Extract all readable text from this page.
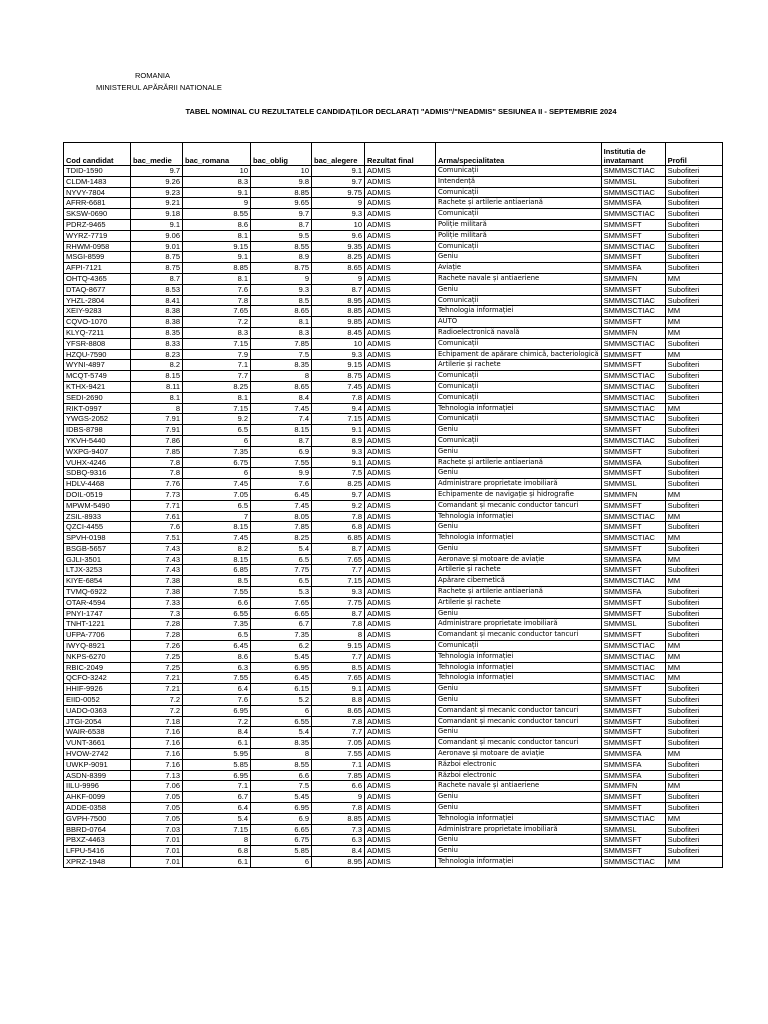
ROMANIA
MINISTERUL APĂRĂRII NATIONALE
TABEL NOMINAL CU REZULTATELE CANDIDAȚILOR DECLARAȚI "ADMIS"/"NEADMIS" SESIUNEA II - SEPTEMBRIE 2024
Cod candidat	bac_medie	bac_romana	bac_oblig	bac_alegere	Rezultat final	Arma/specialitatea	Institutia de invatamant	Profil
TDID-1590	9.7	10	10	9.1	ADMIS	Comunicații	SMMMSCTIAC	Subofiteri
CLDM-1483	9.26	8.3	9.8	9.7	ADMIS	Intendență	SMMMSL	Subofiteri
NYVY-7804	9.23	9.1	8.85	9.75	ADMIS	Comunicații	SMMMSCTIAC	Subofiteri
AFRR-6681	9.21	9	9.65	9	ADMIS	Rachete și artilerie antiaeriană	SMMMSFA	Subofiteri
SKSW-0690	9.18	8.55	9.7	9.3	ADMIS	Comunicații	SMMMSCTIAC	Subofiteri
PDRZ-9465	9.1	8.6	8.7	10	ADMIS	Poliție militară	SMMMSFT	Subofiteri
WYRZ-7719	9.06	8.1	9.5	9.6	ADMIS	Poliție militară	SMMMSFT	Subofiteri
RHWM-0958	9.01	9.15	8.55	9.35	ADMIS	Comunicații	SMMMSCTIAC	Subofiteri
MSGI-8599	8.75	9.1	8.9	8.25	ADMIS	Geniu	SMMMSFT	Subofiteri
AFPI-7121	8.75	8.85	8.75	8.65	ADMIS	Aviație	SMMMSFA	Subofiteri
OHTQ-4365	8.7	8.1	9	9	ADMIS	Rachete navale și antiaeriene	SMMMFN	MM
DTAQ-8677	8.53	7.6	9.3	8.7	ADMIS	Geniu	SMMMSFT	Subofiteri
YHZL-2804	8.41	7.8	8.5	8.95	ADMIS	Comunicații	SMMMSCTIAC	Subofiteri
XEIY-9283	8.38	7.65	8.65	8.85	ADMIS	Tehnologia informației	SMMMSCTIAC	MM
CQVO-1070	8.38	7.2	8.1	9.85	ADMIS	AUTO	SMMMSFT	MM
KLYQ-7211	8.35	8.3	8.3	8.45	ADMIS	Radioelectronică navală	SMMMFN	MM
YFSR-8808	8.33	7.15	7.85	10	ADMIS	Comunicații	SMMMSCTIAC	Subofiteri
HZQU-7590	8.23	7.9	7.5	9.3	ADMIS	Echipament de apărare chimică, bacteriologică	SMMMSFT	MM
WYNI-4897	8.2	7.1	8.35	9.15	ADMIS	Artilerie și rachete	SMMMSFT	Subofiteri
MCQT-5749	8.15	7.7	8	8.75	ADMIS	Comunicații	SMMMSCTIAC	Subofiteri
KTHX-9421	8.11	8.25	8.65	7.45	ADMIS	Comunicații	SMMMSCTIAC	Subofiteri
SEDI-2690	8.1	8.1	8.4	7.8	ADMIS	Comunicații	SMMMSCTIAC	Subofiteri
RIKT-0997	8	7.15	7.45	9.4	ADMIS	Tehnologia informației	SMMMSCTIAC	MM
YWGS-2052	7.91	9.2	7.4	7.15	ADMIS	Comunicații	SMMMSCTIAC	Subofiteri
IDBS-8798	7.91	6.5	8.15	9.1	ADMIS	Geniu	SMMMSFT	Subofiteri
YKVH-5440	7.86	6	8.7	8.9	ADMIS	Comunicații	SMMMSCTIAC	Subofiteri
WXPG-9407	7.85	7.35	6.9	9.3	ADMIS	Geniu	SMMMSFT	Subofiteri
VUHX-4246	7.8	6.75	7.55	9.1	ADMIS	Rachete și artilerie antiaeriană	SMMMSFA	Subofiteri
SDBQ-9316	7.8	6	9.9	7.5	ADMIS	Geniu	SMMMSFT	Subofiteri
HDLV-4468	7.76	7.45	7.6	8.25	ADMIS	Administrare proprietate imobiliară	SMMMSL	Subofiteri
DOIL-0519	7.73	7.05	6.45	9.7	ADMIS	Echipamente de navigație și hidrografie	SMMMFN	MM
MPWM-5490	7.71	6.5	7.45	9.2	ADMIS	Comandant și mecanic conductor tancuri	SMMMSFT	Subofiteri
ZSIL-8933	7.61	7	8.05	7.8	ADMIS	Tehnologia informației	SMMMSCTIAC	MM
QZCI-4455	7.6	8.15	7.85	6.8	ADMIS	Geniu	SMMMSFT	Subofiteri
SPVH-0198	7.51	7.45	8.25	6.85	ADMIS	Tehnologia informației	SMMMSCTIAC	MM
BSGB-5657	7.43	8.2	5.4	8.7	ADMIS	Geniu	SMMMSFT	Subofiteri
GJLI-3501	7.43	8.15	6.5	7.65	ADMIS	Aeronave și motoare de aviație	SMMMSFA	MM
LTJX-3253	7.43	6.85	7.75	7.7	ADMIS	Artilerie și rachete	SMMMSFT	Subofiteri
KIYE-6854	7.38	8.5	6.5	7.15	ADMIS	Apărare cibernetică	SMMMSCTIAC	MM
TVMQ-6922	7.38	7.55	5.3	9.3	ADMIS	Rachete și artilerie antiaeriană	SMMMSFA	Subofiteri
OTAR-4594	7.33	6.6	7.65	7.75	ADMIS	Artilerie și rachete	SMMMSFT	Subofiteri
PNYI-1747	7.3	6.55	6.65	8.7	ADMIS	Geniu	SMMMSFT	Subofiteri
TNHT-1221	7.28	7.35	6.7	7.8	ADMIS	Administrare proprietate imobiliară	SMMMSL	Subofiteri
UFPA-7706	7.28	6.5	7.35	8	ADMIS	Comandant și mecanic conductor tancuri	SMMMSFT	Subofiteri
IWYQ-8921	7.26	6.45	6.2	9.15	ADMIS	Comunicații	SMMMSCTIAC	MM
NKPS-6270	7.25	8.6	5.45	7.7	ADMIS	Tehnologia informației	SMMMSCTIAC	MM
RBIC-2049	7.25	6.3	6.95	8.5	ADMIS	Tehnologia informației	SMMMSCTIAC	MM
QCFO-3242	7.21	7.55	6.45	7.65	ADMIS	Tehnologia informației	SMMMSCTIAC	MM
HHIF-9926	7.21	6.4	6.15	9.1	ADMIS	Geniu	SMMMSFT	Subofiteri
EIID-0052	7.2	7.6	5.2	8.8	ADMIS	Geniu	SMMMSFT	Subofiteri
UADO-0363	7.2	6.95	6	8.65	ADMIS	Comandant și mecanic conductor tancuri	SMMMSFT	Subofiteri
JTGI-2054	7.18	7.2	6.55	7.8	ADMIS	Comandant și mecanic conductor tancuri	SMMMSFT	Subofiteri
WAIR-6538	7.16	8.4	5.4	7.7	ADMIS	Geniu	SMMMSFT	Subofiteri
VUNT-3661	7.16	6.1	8.35	7.05	ADMIS	Comandant și mecanic conductor tancuri	SMMMSFT	Subofiteri
HVOW-2742	7.16	5.95	8	7.55	ADMIS	Aeronave și motoare de aviație	SMMMSFA	MM
UWKP-9091	7.16	5.85	8.55	7.1	ADMIS	Război electronic	SMMMSFA	Subofiteri
ASDN-8399	7.13	6.95	6.6	7.85	ADMIS	Război electronic	SMMMSFA	Subofiteri
IILU-9996	7.06	7.1	7.5	6.6	ADMIS	Rachete navale și antiaeriene	SMMMFN	MM
AHKF-0099	7.05	6.7	5.45	9	ADMIS	Geniu	SMMMSFT	Subofiteri
ADDE-0358	7.05	6.4	6.95	7.8	ADMIS	Geniu	SMMMSFT	Subofiteri
GVPH-7500	7.05	5.4	6.9	8.85	ADMIS	Tehnologia informației	SMMMSCTIAC	MM
BBRD-0764	7.03	7.15	6.65	7.3	ADMIS	Administrare proprietate imobiliară	SMMMSL	Subofiteri
PBXZ-4463	7.01	8	6.75	6.3	ADMIS	Geniu	SMMMSFT	Subofiteri
LFPU-5416	7.01	6.8	5.85	8.4	ADMIS	Geniu	SMMMSFT	Subofiteri
XPRZ-1948	7.01	6.1	6	8.95	ADMIS	Tehnologia informației	SMMMSCTIAC	MM
